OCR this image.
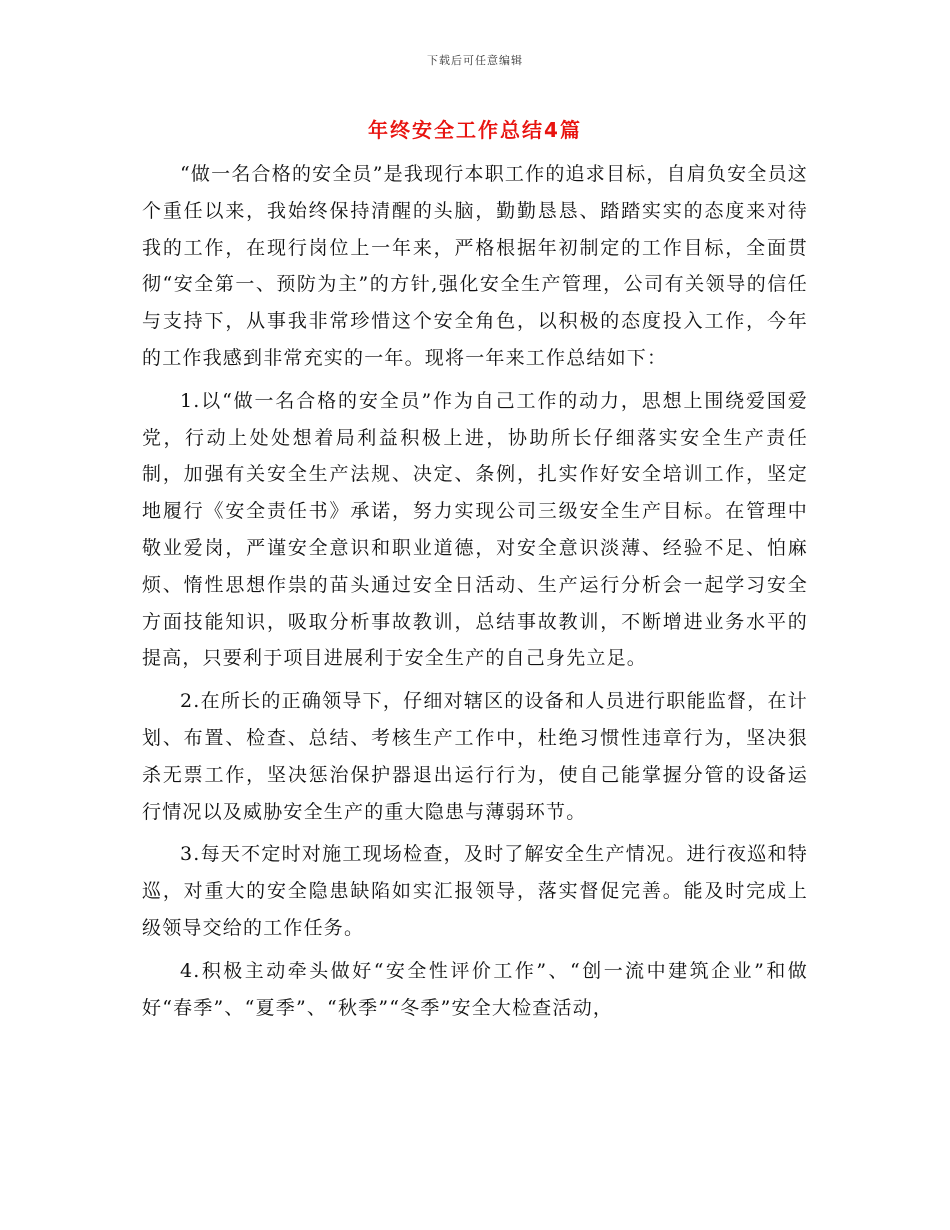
下载后可任意编辑
年终安全工作总结4篇

“做一名合格的安全员”是我现行本职工作的追求目标，自肩负安全员这个重任以来，我始终保持清醒的头脑，勤勤恳恳、踏踏实实的态度来对待我的工作，在现行岗位上一年来，严格根据年初制定的工作目标，全面贯彻“安全第一、预防为主”的方针,强化安全生产管理，公司有关领导的信任与支持下，从事我非常珍惜这个安全角色，以积极的态度投入工作，今年的工作我感到非常充实的一年。现将一年来工作总结如下：

1.以“做一名合格的安全员”作为自己工作的动力，思想上围绕爱国爱党，行动上处处想着局利益积极上进，协助所长仔细落实安全生产责任制，加强有关安全生产法规、决定、条例，扎实作好安全培训工作，坚定地履行《安全责任书》承诺，努力实现公司三级安全生产目标。在管理中敬业爱岗，严谨安全意识和职业道德，对安全意识淡薄、经验不足、怕麻烦、惰性思想作祟的苗头通过安全日活动、生产运行分析会一起学习安全方面技能知识，吸取分析事故教训，总结事故教训，不断增进业务水平的提高，只要利于项目进展利于安全生产的自己身先立足。

2.在所长的正确领导下，仔细对辖区的设备和人员进行职能监督，在计划、布置、检查、总结、考核生产工作中，杜绝习惯性违章行为，坚决狠杀无票工作，坚决惩治保护器退出运行行为，使自己能掌握分管的设备运行情况以及威胁安全生产的重大隐患与薄弱环节。

3.每天不定时对施工现场检查，及时了解安全生产情况。进行夜巡和特巡，对重大的安全隐患缺陷如实汇报领导，落实督促完善。能及时完成上级领导交给的工作任务。

4.积极主动牵头做好“安全性评价工作”、“创一流中建筑企业”和做好“春季”、“夏季”、“秋季”“冬季”安全大检查活动，
